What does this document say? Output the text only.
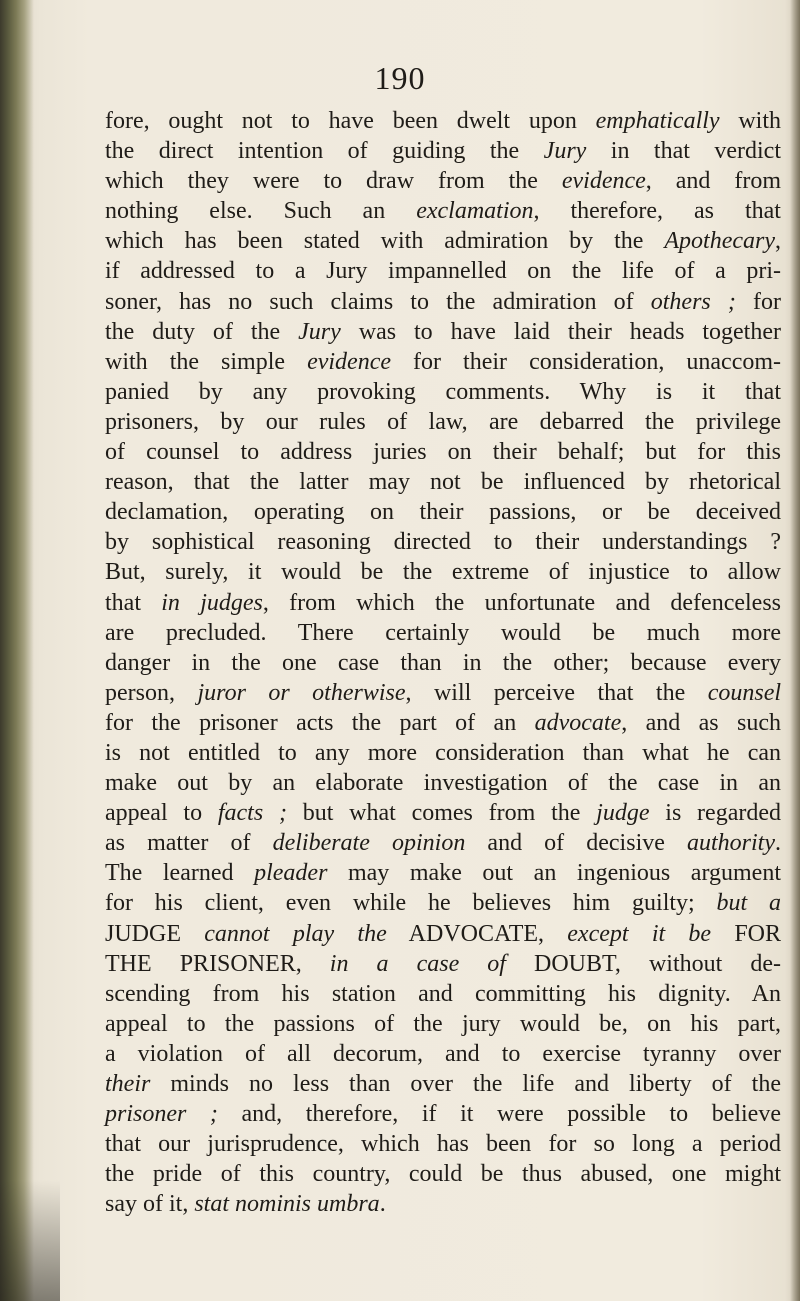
190
fore, ought not to have been dwelt upon emphatically with
the direct intention of guiding the Jury in that verdict
which they were to draw from the evidence, and from
nothing else. Such an exclamation, therefore, as that
which has been stated with admiration by the Apothecary,
if addressed to a Jury impannelled on the life of a pri-
soner, has no such claims to the admiration of others ; for
the duty of the Jury was to have laid their heads together
with the simple evidence for their consideration, unaccom-
panied by any provoking comments. Why is it that
prisoners, by our rules of law, are debarred the privilege
of counsel to address juries on their behalf; but for this
reason, that the latter may not be influenced by rhetorical
declamation, operating on their passions, or be deceived
by sophistical reasoning directed to their understandings ?
But, surely, it would be the extreme of injustice to allow
that in judges, from which the unfortunate and defenceless
are precluded. There certainly would be much more
danger in the one case than in the other; because every
person, juror or otherwise, will perceive that the counsel
for the prisoner acts the part of an advocate, and as such
is not entitled to any more consideration than what he can
make out by an elaborate investigation of the case in an
appeal to facts ; but what comes from the judge is regarded
as matter of deliberate opinion and of decisive authority.
The learned pleader may make out an ingenious argument
for his client, even while he believes him guilty; but a
JUDGE cannot play the ADVOCATE, except it be FOR
THE PRISONER, in a case of DOUBT, without de-
scending from his station and committing his dignity. An
appeal to the passions of the jury would be, on his part,
a violation of all decorum, and to exercise tyranny over
their minds no less than over the life and liberty of the
prisoner ; and, therefore, if it were possible to believe
that our jurisprudence, which has been for so long a period
the pride of this country, could be thus abused, one might
say of it, stat nominis umbra.
